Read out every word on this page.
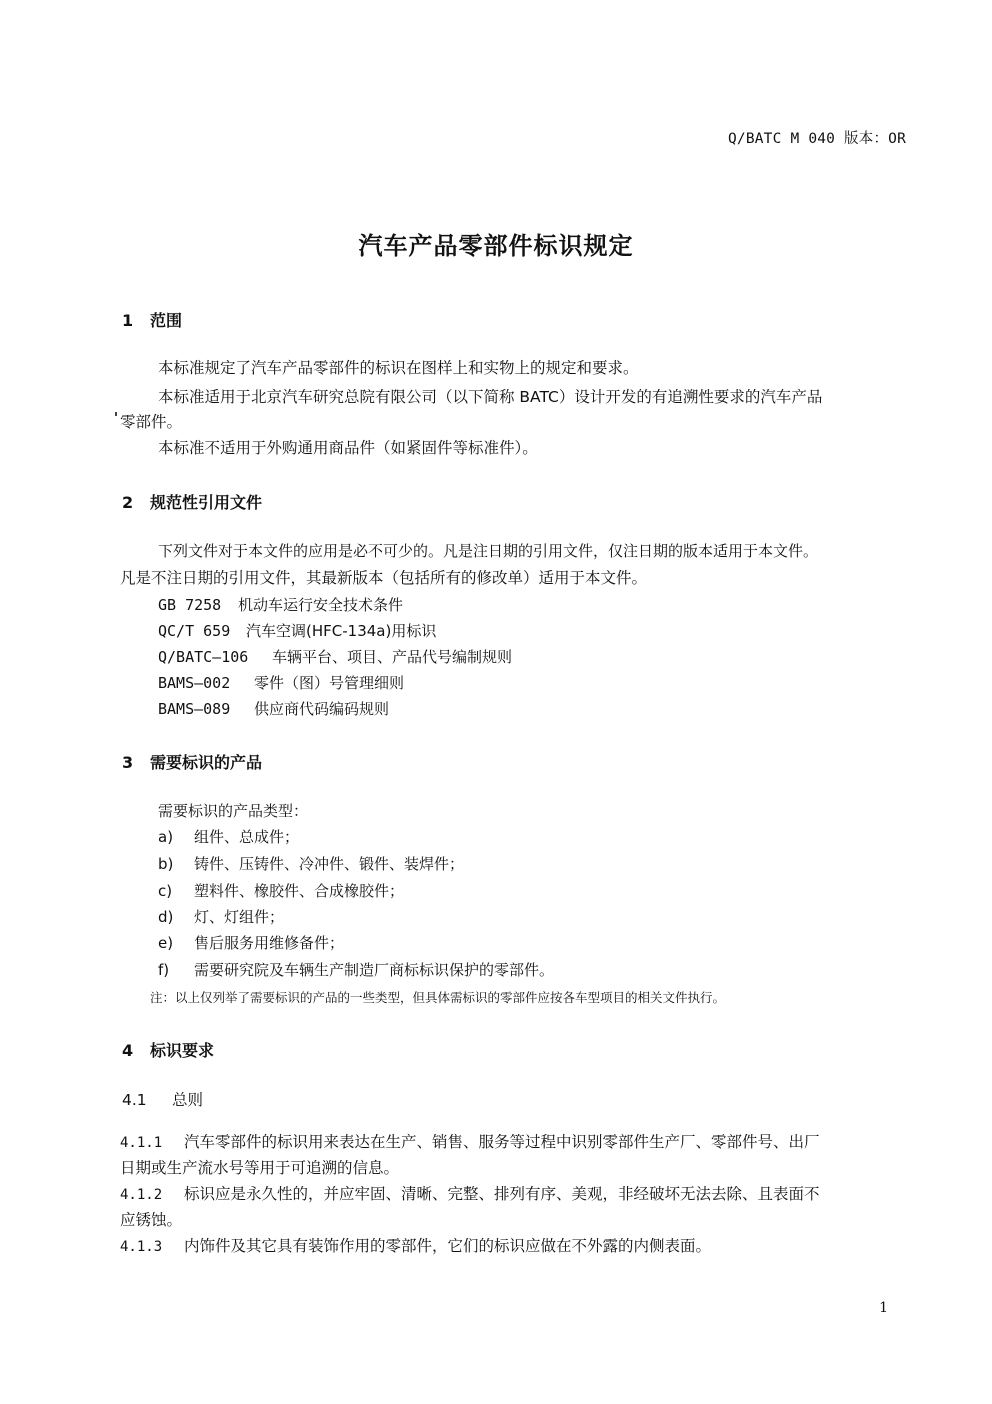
Q/BATC M 040 版本：OR
汽车产品零部件标识规定
1 范围
本标准规定了汽车产品零部件的标识在图样上和实物上的规定和要求。
本标准适用于北京汽车研究总院有限公司（以下简称 BATC）设计开发的有追溯性要求的汽车产品
零部件。
本标准不适用于外购通用商品件（如紧固件等标准件）。
2 规范性引用文件
下列文件对于本文件的应用是必不可少的。凡是注日期的引用文件，仅注日期的版本适用于本文件。
凡是不注日期的引用文件，其最新版本（包括所有的修改单）适用于本文件。
GB 7258 机动车运行安全技术条件
QC/T 659 汽车空调(HFC-134a)用标识
Q/BATC—106 车辆平台、项目、产品代号编制规则
BAMS—002 零件（图）号管理细则
BAMS—089 供应商代码编码规则
3 需要标识的产品
需要标识的产品类型：
a) 组件、总成件；
b) 铸件、压铸件、冷冲件、锻件、装焊件；
c) 塑料件、橡胶件、合成橡胶件；
d) 灯、灯组件；
e) 售后服务用维修备件；
f) 需要研究院及车辆生产制造厂商标标识保护的零部件。
注：以上仅列举了需要标识的产品的一些类型，但具体需标识的零部件应按各车型项目的相关文件执行。
4 标识要求
4.1 总则
4.1.1 汽车零部件的标识用来表达在生产、销售、服务等过程中识别零部件生产厂、零部件号、出厂
日期或生产流水号等用于可追溯的信息。
4.1.2 标识应是永久性的，并应牢固、清晰、完整、排列有序、美观，非经破坏无法去除、且表面不
应锈蚀。
4.1.3 内饰件及其它具有装饰作用的零部件，它们的标识应做在不外露的内侧表面。
1
